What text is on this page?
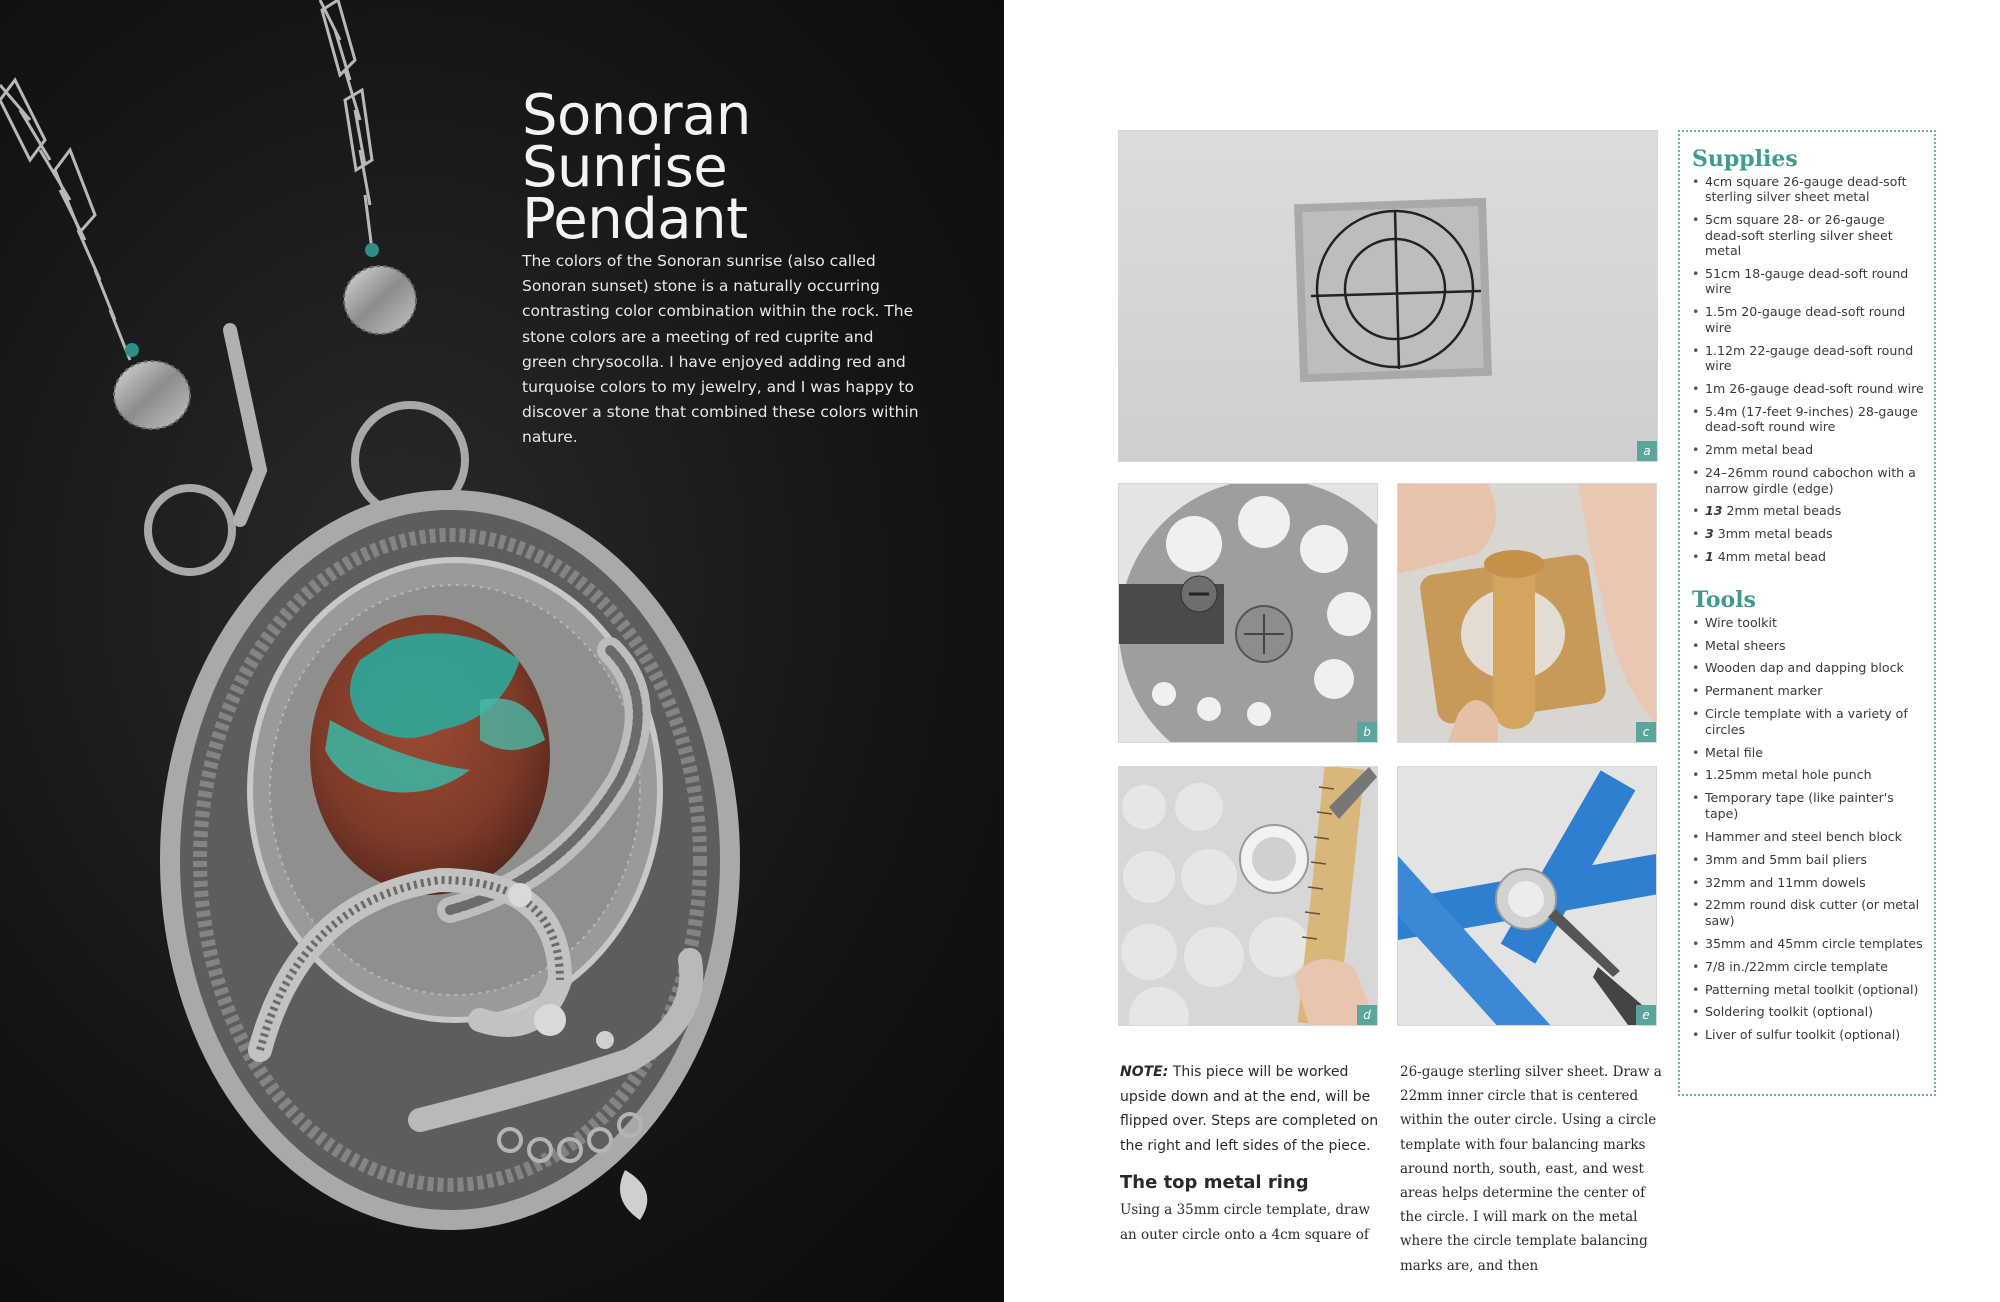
Sonoran
Sunrise
Pendant

The colors of the Sonoran sunrise (also called Sonoran sunset) stone is a naturally occurring contrasting color combination within the rock. The stone colors are a meeting of red cuprite and green chrysocolla. I have enjoyed adding red and turquoise colors to my jewelry, and I was happy to discover a stone that combined these colors within nature.

a
b	c
d	e
Supplies
• 4cm square 26-gauge dead-soft sterling silver sheet metal
• 5cm square 28- or 26-gauge dead-soft sterling silver sheet metal
• 51cm 18-gauge dead-soft round wire
• 1.5m 20-gauge dead-soft round wire
• 1.12m 22-gauge dead-soft round wire
• 1m 26-gauge dead-soft round wire
• 5.4m (17-feet 9-inches) 28-gauge dead-soft round wire
• 2mm metal bead
• 24–26mm round cabochon with a narrow girdle (edge)
• 13 2mm metal beads
• 3 3mm metal beads
• 1 4mm metal bead
Tools
• Wire toolkit
• Metal sheers
• Wooden dap and dapping block
• Permanent marker
• Circle template with a variety of circles
• Metal file
• 1.25mm metal hole punch
• Temporary tape (like painter's tape)
• Hammer and steel bench block
• 3mm and 5mm bail pliers
• 32mm and 11mm dowels
• 22mm round disk cutter (or metal saw)
• 35mm and 45mm circle templates
• 7/8 in./22mm circle template
• Patterning metal toolkit (optional)
• Soldering toolkit (optional)
• Liver of sulfur toolkit (optional)

NOTE: This piece will be worked upside down and at the end, will be flipped over. Steps are completed on the right and left sides of the piece.

The top metal ring

Using a 35mm circle template, draw an outer circle onto a 4cm square of

26-gauge sterling silver sheet. Draw a 22mm inner circle that is centered within the outer circle. Using a circle template with four balancing marks around north, south, east, and west areas helps determine the center of the circle. I will mark on the metal where the circle template balancing marks are, and then
